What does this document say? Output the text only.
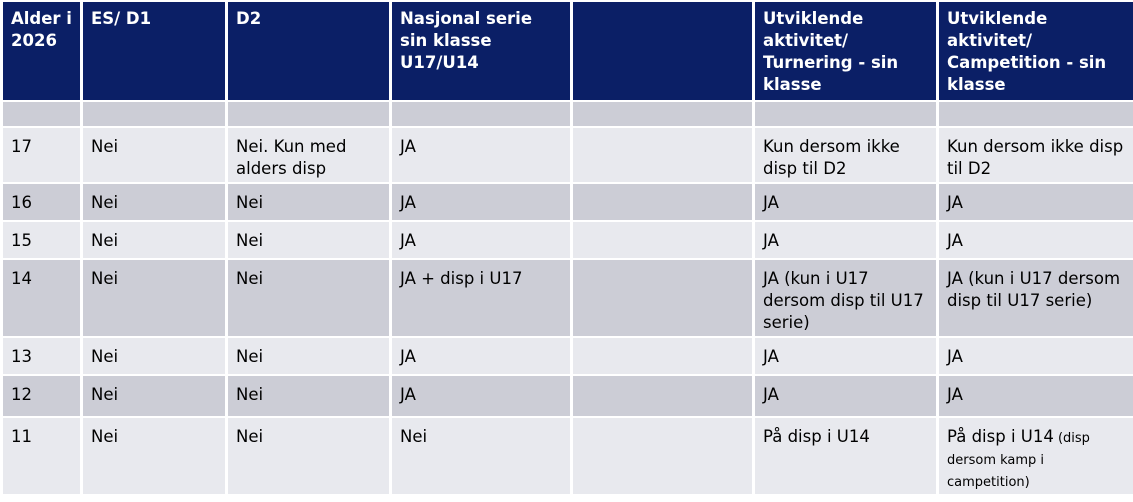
Alder i 2026	ES/ D1	D2	Nasjonal serie sin klasse U17/U14		Utviklende aktivitet/ Turnering - sin klasse	Utviklende aktivitet/ Campetition - sin klasse

17	Nei	Nei. Kun med alders disp	JA		Kun dersom ikke disp til D2	Kun dersom ikke disp til D2
16	Nei	Nei	JA		JA	JA
15	Nei	Nei	JA		JA	JA
14	Nei	Nei	JA + disp i U17		JA (kun i U17 dersom disp til U17 serie)	JA (kun i U17 dersom disp til U17 serie)
13	Nei	Nei	JA		JA	JA
12	Nei	Nei	JA		JA	JA
11	Nei	Nei	Nei		På disp i U14	På disp i U14 (disp dersom kamp i campetition)
